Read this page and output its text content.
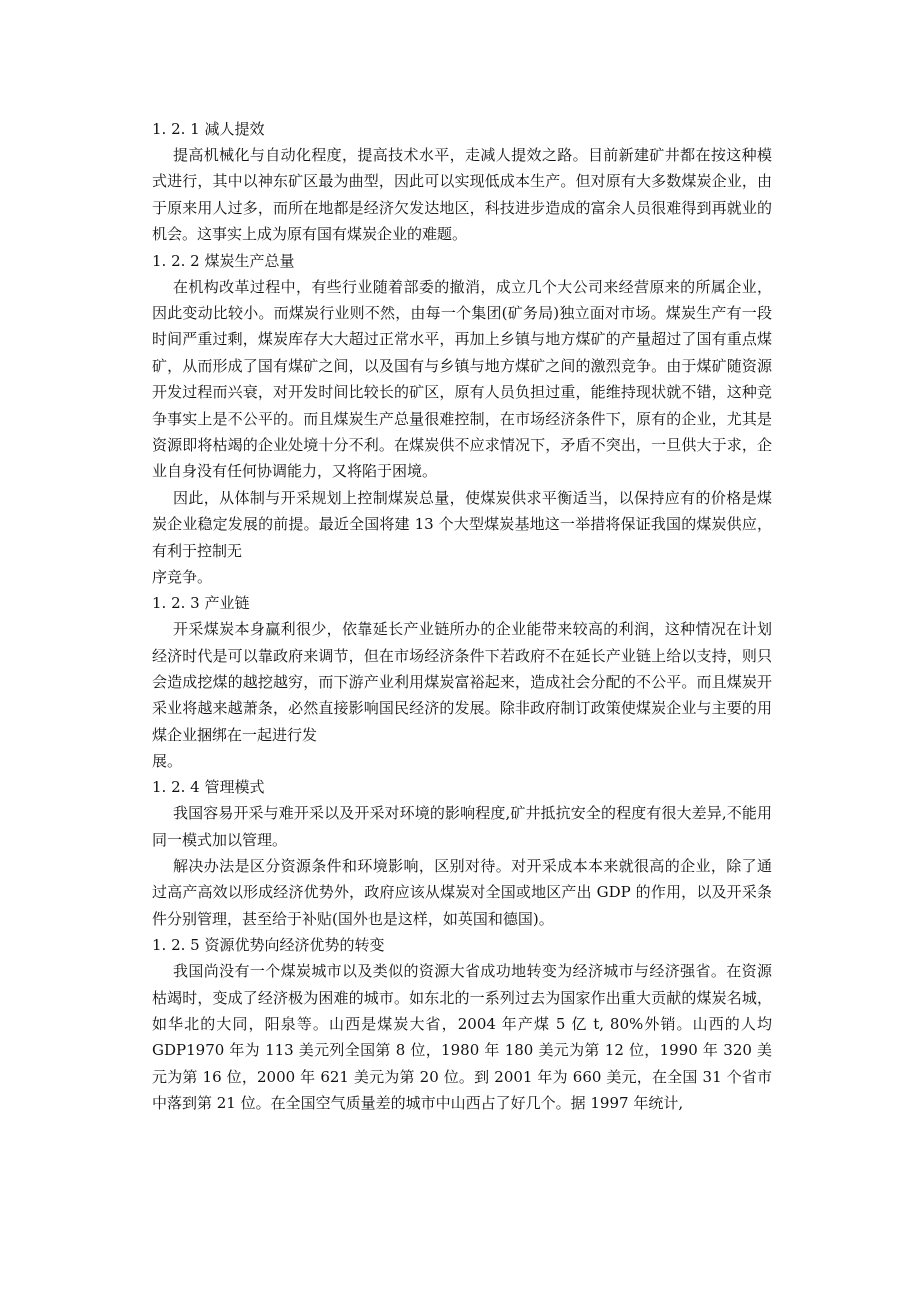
1. 2. 1 减人提效

提高机械化与自动化程度，提高技术水平，走减人提效之路。目前新建矿井都在按这种模式进行，其中以神东矿区最为曲型，因此可以实现低成本生产。但对原有大多数煤炭企业，由于原来用人过多，而所在地都是经济欠发达地区，科技进步造成的富余人员很难得到再就业的机会。这事实上成为原有国有煤炭企业的难题。

1. 2. 2 煤炭生产总量

在机构改革过程中，有些行业随着部委的撤消，成立几个大公司来经营原来的所属企业，因此变动比较小。而煤炭行业则不然，由每一个集团(矿务局)独立面对市场。煤炭生产有一段时间严重过剩，煤炭库存大大超过正常水平，再加上乡镇与地方煤矿的产量超过了国有重点煤矿，从而形成了国有煤矿之间，以及国有与乡镇与地方煤矿之间的激烈竞争。由于煤矿随资源开发过程而兴衰，对开发时间比较长的矿区，原有人员负担过重，能维持现状就不错，这种竞争事实上是不公平的。而且煤炭生产总量很难控制，在市场经济条件下，原有的企业，尤其是资源即将枯竭的企业处境十分不利。在煤炭供不应求情况下，矛盾不突出，一旦供大于求，企业自身没有任何协调能力，又将陷于困境。

因此，从体制与开采规划上控制煤炭总量，使煤炭供求平衡适当，以保持应有的价格是煤炭企业稳定发展的前提。最近全国将建 13 个大型煤炭基地这一举措将保证我国的煤炭供应，有利于控制无

序竞争。
1. 2. 3 产业链

开采煤炭本身赢利很少，依靠延长产业链所办的企业能带来较高的利润，这种情况在计划经济时代是可以靠政府来调节，但在市场经济条件下若政府不在延长产业链上给以支持，则只会造成挖煤的越挖越穷，而下游产业利用煤炭富裕起来，造成社会分配的不公平。而且煤炭开采业将越来越萧条，必然直接影响国民经济的发展。除非政府制订政策使煤炭企业与主要的用煤企业捆绑在一起进行发

展。
1. 2. 4 管理模式

我国容易开采与难开采以及开采对环境的影响程度,矿井抵抗安全的程度有很大差异,不能用同一模式加以管理。

解决办法是区分资源条件和环境影响，区别对待。对开采成本本来就很高的企业，除了通过高产高效以形成经济优势外，政府应该从煤炭对全国或地区产出 GDP 的作用，以及开采条件分别管理，甚至给于补贴(国外也是这样，如英国和德国)。

1. 2. 5 资源优势向经济优势的转变

我国尚没有一个煤炭城市以及类似的资源大省成功地转变为经济城市与经济强省。在资源枯竭时，变成了经济极为困难的城市。如东北的一系列过去为国家作出重大贡献的煤炭名城，如华北的大同，阳泉等。山西是煤炭大省，2004 年产煤 5 亿 t, 80%外销。山西的人均 GDP1970 年为 113 美元列全国第 8 位，1980 年 180 美元为第 12 位，1990 年 320 美元为第 16 位，2000 年 621 美元为第 20 位。到 2001 年为 660 美元，在全国 31 个省市中落到第 21 位。在全国空气质量差的城市中山西占了好几个。据 1997 年统计,
